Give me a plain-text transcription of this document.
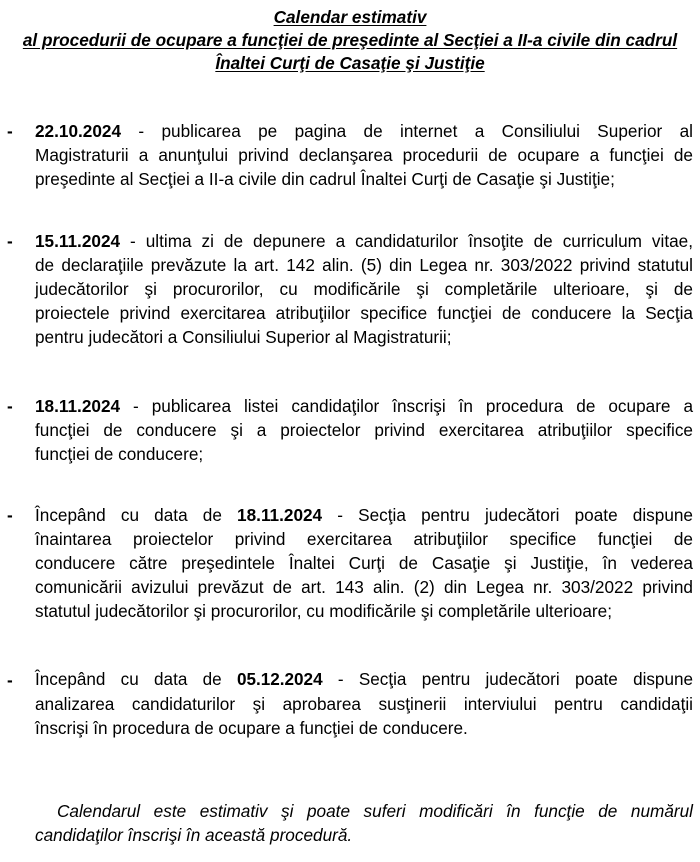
Calendar estimativ
al procedurii de ocupare a funcţiei de preşedinte al Secţiei a II-a civile din cadrul
Înaltei Curţi de Casaţie şi Justiţie
- 22.10.2024 - publicarea pe pagina de internet a Consiliului Superior al
Magistraturii a anunţului privind declanşarea procedurii de ocupare a funcţiei de
preşedinte al Secţiei a II-a civile din cadrul Înaltei Curţi de Casaţie şi Justiţie;
- 15.11.2024 - ultima zi de depunere a candidaturilor însoţite de curriculum vitae,
de declaraţiile prevăzute la art. 142 alin. (5) din Legea nr. 303/2022 privind statutul
judecătorilor şi procurorilor, cu modificările şi completările ulterioare, şi de
proiectele privind exercitarea atribuţiilor specifice funcţiei de conducere la Secţia
pentru judecători a Consiliului Superior al Magistraturii;
- 18.11.2024 - publicarea listei candidaţilor înscrişi în procedura de ocupare a
funcţiei de conducere şi a proiectelor privind exercitarea atribuţiilor specifice
funcţiei de conducere;
- Începând cu data de 18.11.2024 - Secţia pentru judecători poate dispune
înaintarea proiectelor privind exercitarea atribuţiilor specifice funcţiei de
conducere către preşedintele Înaltei Curţi de Casaţie şi Justiţie, în vederea
comunicării avizului prevăzut de art. 143 alin. (2) din Legea nr. 303/2022 privind
statutul judecătorilor şi procurorilor, cu modificările şi completările ulterioare;
- Începând cu data de 05.12.2024 - Secţia pentru judecători poate dispune
analizarea candidaturilor şi aprobarea susţinerii interviului pentru candidaţii
înscrişi în procedura de ocupare a funcţiei de conducere.
Calendarul este estimativ şi poate suferi modificări în funcţie de numărul
candidaţilor înscrişi în această procedură.
